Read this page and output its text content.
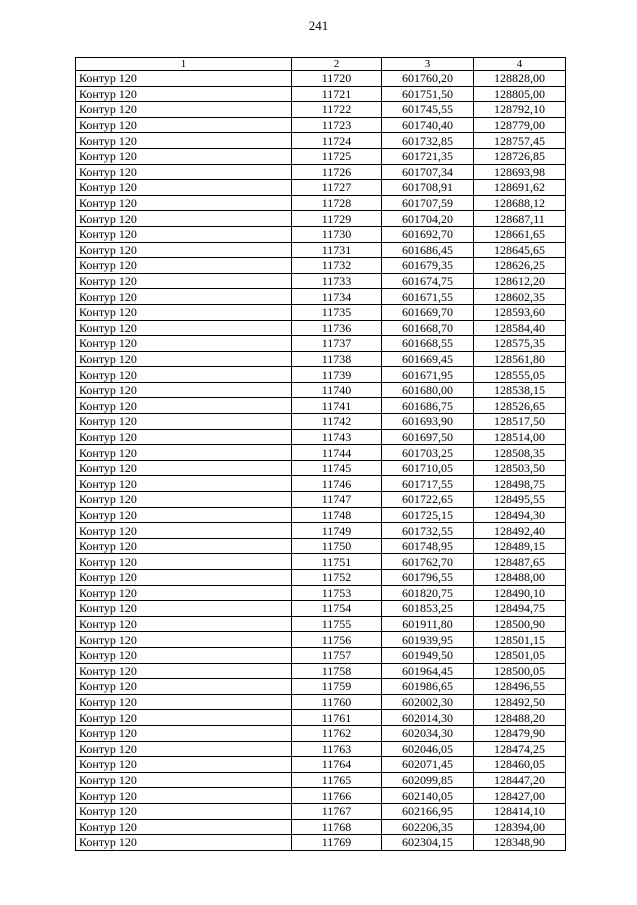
241
1	2	3	4
Контур 120	11720	601760,20	128828,00
Контур 120	11721	601751,50	128805,00
Контур 120	11722	601745,55	128792,10
Контур 120	11723	601740,40	128779,00
Контур 120	11724	601732,85	128757,45
Контур 120	11725	601721,35	128726,85
Контур 120	11726	601707,34	128693,98
Контур 120	11727	601708,91	128691,62
Контур 120	11728	601707,59	128688,12
Контур 120	11729	601704,20	128687,11
Контур 120	11730	601692,70	128661,65
Контур 120	11731	601686,45	128645,65
Контур 120	11732	601679,35	128626,25
Контур 120	11733	601674,75	128612,20
Контур 120	11734	601671,55	128602,35
Контур 120	11735	601669,70	128593,60
Контур 120	11736	601668,70	128584,40
Контур 120	11737	601668,55	128575,35
Контур 120	11738	601669,45	128561,80
Контур 120	11739	601671,95	128555,05
Контур 120	11740	601680,00	128538,15
Контур 120	11741	601686,75	128526,65
Контур 120	11742	601693,90	128517,50
Контур 120	11743	601697,50	128514,00
Контур 120	11744	601703,25	128508,35
Контур 120	11745	601710,05	128503,50
Контур 120	11746	601717,55	128498,75
Контур 120	11747	601722,65	128495,55
Контур 120	11748	601725,15	128494,30
Контур 120	11749	601732,55	128492,40
Контур 120	11750	601748,95	128489,15
Контур 120	11751	601762,70	128487,65
Контур 120	11752	601796,55	128488,00
Контур 120	11753	601820,75	128490,10
Контур 120	11754	601853,25	128494,75
Контур 120	11755	601911,80	128500,90
Контур 120	11756	601939,95	128501,15
Контур 120	11757	601949,50	128501,05
Контур 120	11758	601964,45	128500,05
Контур 120	11759	601986,65	128496,55
Контур 120	11760	602002,30	128492,50
Контур 120	11761	602014,30	128488,20
Контур 120	11762	602034,30	128479,90
Контур 120	11763	602046,05	128474,25
Контур 120	11764	602071,45	128460,05
Контур 120	11765	602099,85	128447,20
Контур 120	11766	602140,05	128427,00
Контур 120	11767	602166,95	128414,10
Контур 120	11768	602206,35	128394,00
Контур 120	11769	602304,15	128348,90
